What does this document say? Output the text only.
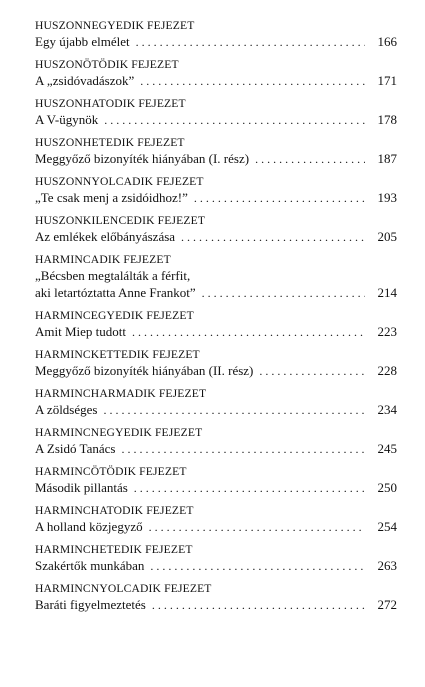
HUSZONNEGYEDIK FEJEZET
Egy újabb elmélet . . .	166
HUSZONÖTÖDIK FEJEZET
A „zsidóvadászok” . . .	171
HUSZONHATODIK FEJEZET
A V-ügynök . . .	178
HUSZONHETEDIK FEJEZET
Meggyőző bizonyíték hiányában (I. rész) . . .	187
HUSZONNYOLCADIK FEJEZET
„Te csak menj a zsidóidhoz!” . . .	193
HUSZONKILENCEDIK FEJEZET
Az emlékek előbányászása . . .	205
HARMINCADIK FEJEZET
„Bécsben megtalálták a férfit,
aki letartóztatta Anne Frankot” . . .	214
HARMINCEGYEDIK FEJEZET
Amit Miep tudott . . .	223
HARMINCKETTEDIK FEJEZET
Meggyőző bizonyíték hiányában (II. rész) . . .	228
HARMINCHARMADIK FEJEZET
A zöldséges . . .	234
HARMINCNEGYEDIK FEJEZET
A Zsidó Tanács . . .	245
HARMINCÖTÖDIK FEJEZET
Második pillantás . . .	250
HARMINCHATODIK FEJEZET
A holland közjegyző . . .	254
HARMINCHETEDIK FEJEZET
Szakértők munkában . . .	263
HARMINCNYOLCADIK FEJEZET
Baráti figyelmeztetés . . .	272
